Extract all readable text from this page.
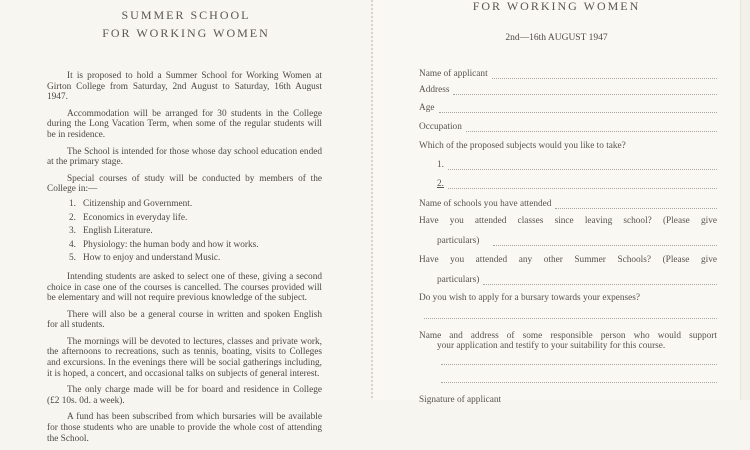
SUMMER SCHOOL
FOR WORKING WOMEN

It is proposed to hold a Summer School for Working Women at Girton College from Saturday, 2nd August to Saturday, 16th August 1947.

Accommodation will be arranged for 30 students in the College during the Long Vacation Term, when some of the regular students will be in residence.

The School is intended for those whose day school education ended at the primary stage.

Special courses of study will be conducted by members of the College in:—

1. Citizenship and Government.
2. Economics in everyday life.
3. English Literature.
4. Physiology: the human body and how it works.
5. How to enjoy and understand Music.

Intending students are asked to select one of these, giving a second choice in case one of the courses is cancelled. The courses provided will be elementary and will not require previous knowledge of the subject.

There will also be a general course in written and spoken English for all students.

The mornings will be devoted to lectures, classes and private work, the afternoons to recreations, such as tennis, boating, visits to Colleges and excursions. In the evenings there will be social gatherings including, it is hoped, a concert, and occasional talks on subjects of general interest.

The only charge made will be for board and residence in College (£2 10s. 0d. a week).

A fund has been subscribed from which bursaries will be available for those students who are unable to provide the whole cost of attending the School.

FOR WORKING WOMEN
2nd—16th AUGUST 1947
Name of applicant
Address
Age
Occupation
Which of the proposed subjects would you like to take?
1.
2.
Name of schools you have attended
Have you attended classes since leaving school? (Please give
particulars)
Have you attended any other Summer Schools? (Please give
particulars)
Do you wish to apply for a bursary towards your expenses?
Name and address of some responsible person who would support
your application and testify to your suitability for this course.
Signature of applicant
